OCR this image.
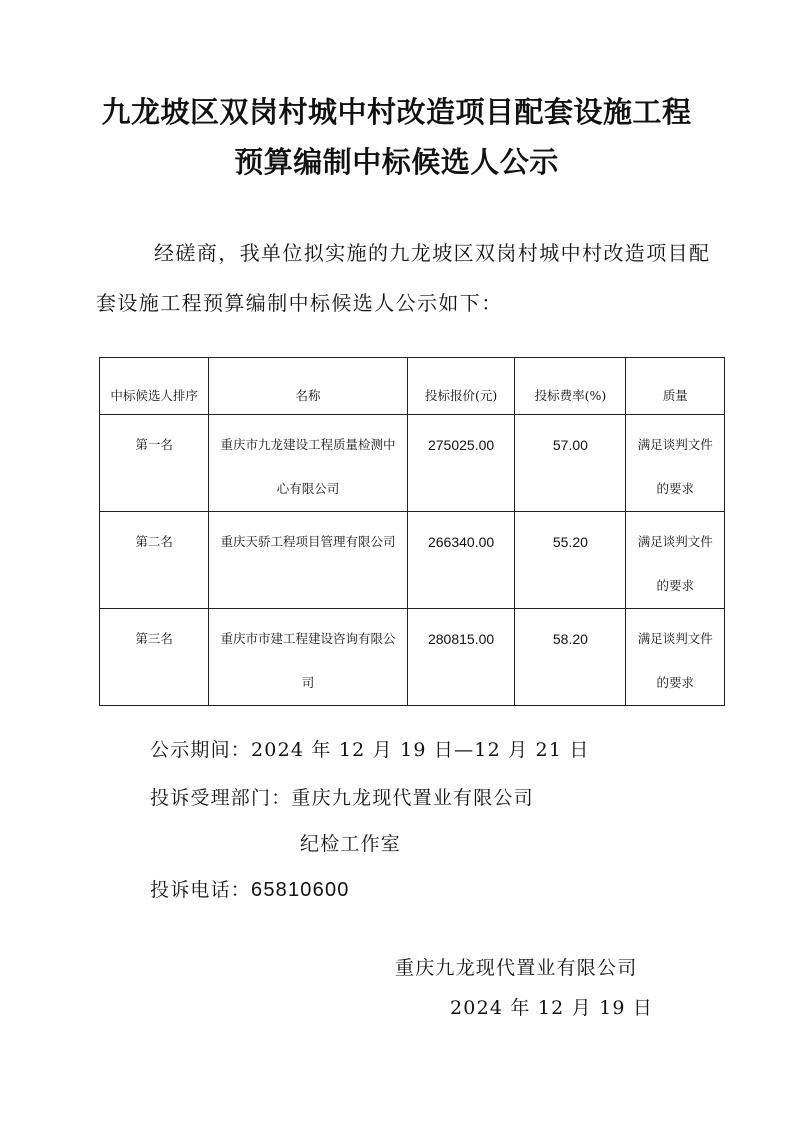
九龙坡区双岗村城中村改造项目配套设施工程
预算编制中标候选人公示
经磋商，我单位拟实施的九龙坡区双岗村城中村改造项目配套设施工程预算编制中标候选人公示如下：
中标候选人排序	名称	投标报价(元)	投标费率(%)	质量
第一名	重庆市九龙建设工程质量检测中心有限公司	275025.00	57.00	满足谈判文件的要求
第二名	重庆天骄工程项目管理有限公司	266340.00	55.20	满足谈判文件的要求
第三名	重庆市市建工程建设咨询有限公司	280815.00	58.20	满足谈判文件的要求
公示期间：2024 年 12 月 19 日—12 月 21 日
投诉受理部门：重庆九龙现代置业有限公司
纪检工作室
投诉电话：65810600
重庆九龙现代置业有限公司
2024 年 12 月 19 日
